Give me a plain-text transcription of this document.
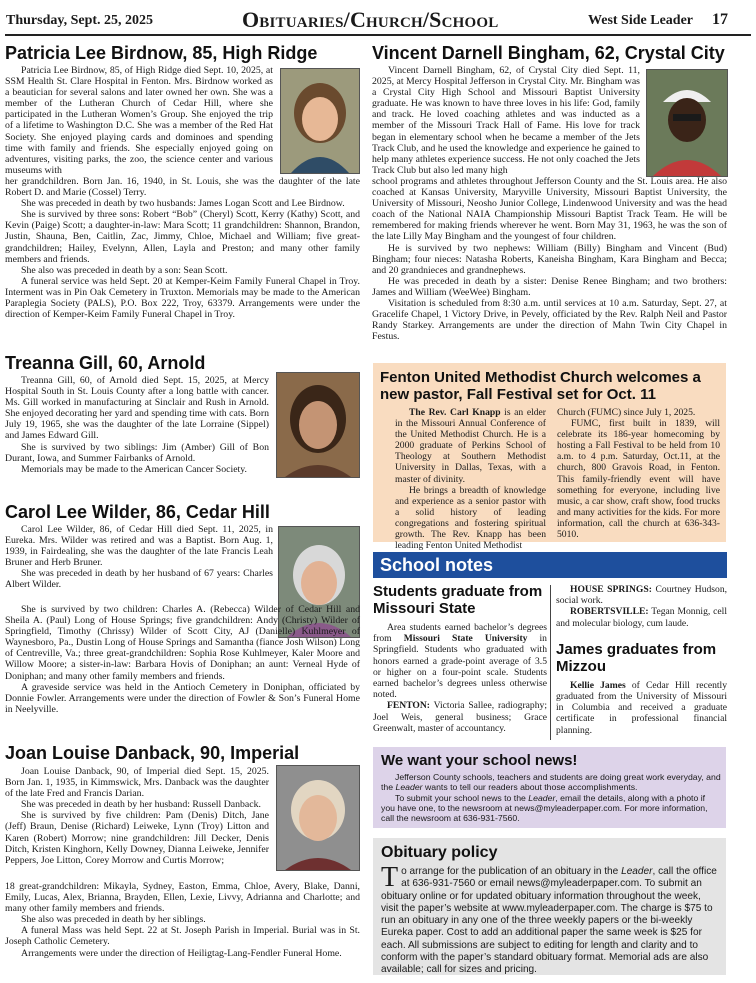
Thursday, Sept. 25, 2025	Obituaries/Church/School	West Side Leader 17
Patricia Lee Birdnow, 85, High Ridge

Patricia Lee Birdnow, 85, of High Ridge died Sept. 10, 2025, at SSM Health St. Clare Hospital in Fenton. Mrs. Birdnow worked as a beautician for several salons and later owned her own. She was a member of the Lutheran Church of Cedar Hill, where she participated in the Lutheran Women’s Group. She enjoyed the trip of a lifetime to Washington D.C. She was a member of the Red Hat Society. She enjoyed playing cards and dominoes and spending time with family and friends. She especially enjoyed going on adventures, visiting parks, the zoo, the science center and various museums with

her grandchildren. Born Jan. 16, 1940, in St. Louis, she was the daughter of the late Robert D. and Marie (Cossel) Terry.

She was preceded in death by two husbands: James Logan Scott and Lee Birdnow.

She is survived by three sons: Robert “Bob” (Cheryl) Scott, Kerry (Kathy) Scott, and Kevin (Paige) Scott; a daughter-in-law: Mara Scott; 11 grandchildren: Shannon, Brandon, Justin, Shauna, Ben, Caitlin, Zac, Jimmy, Chloe, Michael and William; five great-grandchildren; Hailey, Evelynn, Allen, Layla and Preston; and many other family members and friends.

She also was preceded in death by a son: Sean Scott.

A funeral service was held Sept. 20 at Kemper-Keim Family Funeral Chapel in Troy. Interment was in Pin Oak Cemetery in Truxton. Memorials may be made to the American Paraplegia Society (PALS), P.O. Box 222, Troy, 63379. Arrangements were under the direction of Kemper-Keim Family Funeral Chapel in Troy.

Treanna Gill, 60, Arnold

Treanna Gill, 60, of Arnold died Sept. 15, 2025, at Mercy Hospital South in St. Louis County after a long battle with cancer. Ms. Gill worked in manufacturing at Sinclair and Rush in Arnold. She enjoyed decorating her yard and spending time with cats. Born July 19, 1965, she was the daughter of the late Lorraine (Sippel) and James Edward Gill.

She is survived by two siblings: Jim (Amber) Gill of Bon Durant, Iowa, and Summer Fairbanks of Arnold.

Memorials may be made to the American Cancer Society.

Carol Lee Wilder, 86, Cedar Hill

Carol Lee Wilder, 86, of Cedar Hill died Sept. 11, 2025, in Eureka. Mrs. Wilder was retired and was a Baptist. Born Aug. 1, 1939, in Fairdealing, she was the daughter of the late Francis Leah Bruner and Herb Bruner.

She was preceded in death by her husband of 67 years: Charles Albert Wilder.

She is survived by two children: Charles A. (Rebecca) Wilder of Cedar Hill and Sheila A. (Paul) Long of House Springs; five grandchildren: Andy (Christy) Wilder of Springfield, Timothy (Chrissy) Wilder of Scott City, AJ (Danielle) Kuhlmeyer of Waynesboro, Pa., Dustin Long of House Springs and Samantha (fiance Josh Wilson) Long of Centreville, Va.; three great-grandchildren: Sophia Rose Kuhlmeyer, Kaler Moore and Willow Moore; a sister-in-law: Barbara Hovis of Doniphan; an aunt: Verneal Hyde of Doniphan; and many other family members and friends.

A graveside service was held in the Antioch Cemetery in Doniphan, officiated by Donnie Fowler. Arrangements were under the direction of Fowler & Son’s Funeral Home in Neelyville.

Joan Louise Danback, 90, Imperial

Joan Louise Danback, 90, of Imperial died Sept. 15, 2025. Born Jan. 1, 1935, in Kimmswick, Mrs. Danback was the daughter of the late Fred and Francis Darian.

She was preceded in death by her husband: Russell Danback.

She is survived by five children: Pam (Denis) Ditch, Jane (Jeff) Braun, Denise (Richard) Leiweke, Lynn (Troy) Litton and Karen (Robert) Morrow; nine grandchildren: Jill Decker, Denis Ditch, Kristen Kinghorn, Kelly Downey, Dianna Leiweke, Jennifer Peppers, Joe Litton, Corey Morrow and Curtis Morrow;

18 great-grandchildren: Mikayla, Sydney, Easton, Emma, Chloe, Avery, Blake, Danni, Emily, Lucas, Alex, Brianna, Brayden, Ellen, Lexie, Livvy, Adrianna and Charlotte; and many other family members and friends.

She also was preceded in death by her siblings.

A funeral Mass was held Sept. 22 at St. Joseph Parish in Imperial. Burial was in St. Joseph Catholic Cemetery.

Arrangements were under the direction of Heiligtag-Lang-Fendler Funeral Home.

Vincent Darnell Bingham, 62, Crystal City

Vincent Darnell Bingham, 62, of Crystal City died Sept. 11, 2025, at Mercy Hospital Jefferson in Crystal City. Mr. Bingham was a Crystal City High School and Missouri Baptist University graduate. He was known to have three loves in his life: God, family and track. He loved coaching athletes and was inducted as a member of the Missouri Track Hall of Fame. His love for track began in elementary school when he became a member of the Jets Track Club, and he used the knowledge and experience he gained to help many athletes experience success. He not only coached the Jets Track Club but also led many high

school programs and athletes throughout Jefferson County and the St. Louis area. He also coached at Kansas University, Maryville University, Missouri Baptist University, the University of Missouri, Neosho Junior College, Lindenwood University and was the head coach of the National NAIA Championship Missouri Baptist Track Team. He will be remembered for making friends wherever he went. Born May 31, 1963, he was the son of the late Lilly May Bingham and the youngest of four children.

He is survived by two nephews: William (Billy) Bingham and Vincent (Bud) Bingham; four nieces: Natasha Roberts, Kaneisha Bingham, Kara Bingham and Becca; and 20 grandnieces and grandnephews.

He was preceded in death by a sister: Denise Renee Bingham; and two brothers: James and William (WeeWee) Bingham.

Visitation is scheduled from 8:30 a.m. until services at 10 a.m. Saturday, Sept. 27, at Gracelife Chapel, 1 Victory Drive, in Pevely, officiated by the Rev. Ralph Neil and Pastor Randy Starkey. Arrangements are under the direction of Mahn Twin City Chapel in Festus.

Fenton United Methodist Church welcomes a new pastor, Fall Festival set for Oct. 11

The Rev. Carl Knapp is an elder in the Missouri Annual Conference of the United Methodist Church. He is a 2000 graduate of Perkins School of Theology at Southern Methodist University in Dallas, Texas, with a master of divinity.

He brings a breadth of knowledge and experience as a senior pastor with a solid history of leading congregations and fostering spiritual growth. The Rev. Knapp has been leading Fenton United Methodist

Church (FUMC) since July 1, 2025.

FUMC, first built in 1839, will celebrate its 186-year homecoming by hosting a Fall Festival to be held from 10 a.m. to 4 p.m. Saturday, Oct.11, at the church, 800 Gravois Road, in Fenton. This family-friendly event will have something for everyone, including live music, a car show, craft show, food trucks and many activities for the kids. For more information, call the church at 636-343-5010.

School notes
Students graduate from Missouri State

Area students earned bachelor’s degrees from Missouri State University in Springfield. Students who graduated with honors earned a grade-point average of 3.5 or higher on a four-point scale. Students earned bachelor’s degrees unless otherwise noted.

FENTON: Victoria Sallee, radiography; Joel Weis, general business; Grace Greenwalt, master of accountancy.

HOUSE SPRINGS: Courtney Hudson, social work.

ROBERTSVILLE: Tegan Monnig, cell and molecular biology, cum laude.

James graduates from Mizzou

Kellie James of Cedar Hill recently graduated from the University of Missouri in Columbia and received a graduate certificate in professional financial planning.

We want your school news!

Jefferson County schools, teachers and students are doing great work everyday, and the Leader wants to tell our readers about those accomplishments.

To submit your school news to the Leader, email the details, along with a photo if you have one, to the newsroom at news@myleaderpaper.com. For more information, call the newsroom at 636-931-7560.

Obituary policy

To arrange for the publication of an obituary in the Leader, call the office at 636-931-7560 or email news@myleaderpaper.com. To submit an obituary online or for updated obituary information throughout the week, visit the paper’s website at www.myleaderpaper.com. The charge is $75 to run an obituary in any one of the three weekly papers or the bi-weekly Eureka paper. Cost to add an additional paper the same week is $25 for each. All submissions are subject to editing for length and clarity and to conform with the paper’s standard obituary format. Memorial ads are also available; call for sizes and pricing.
